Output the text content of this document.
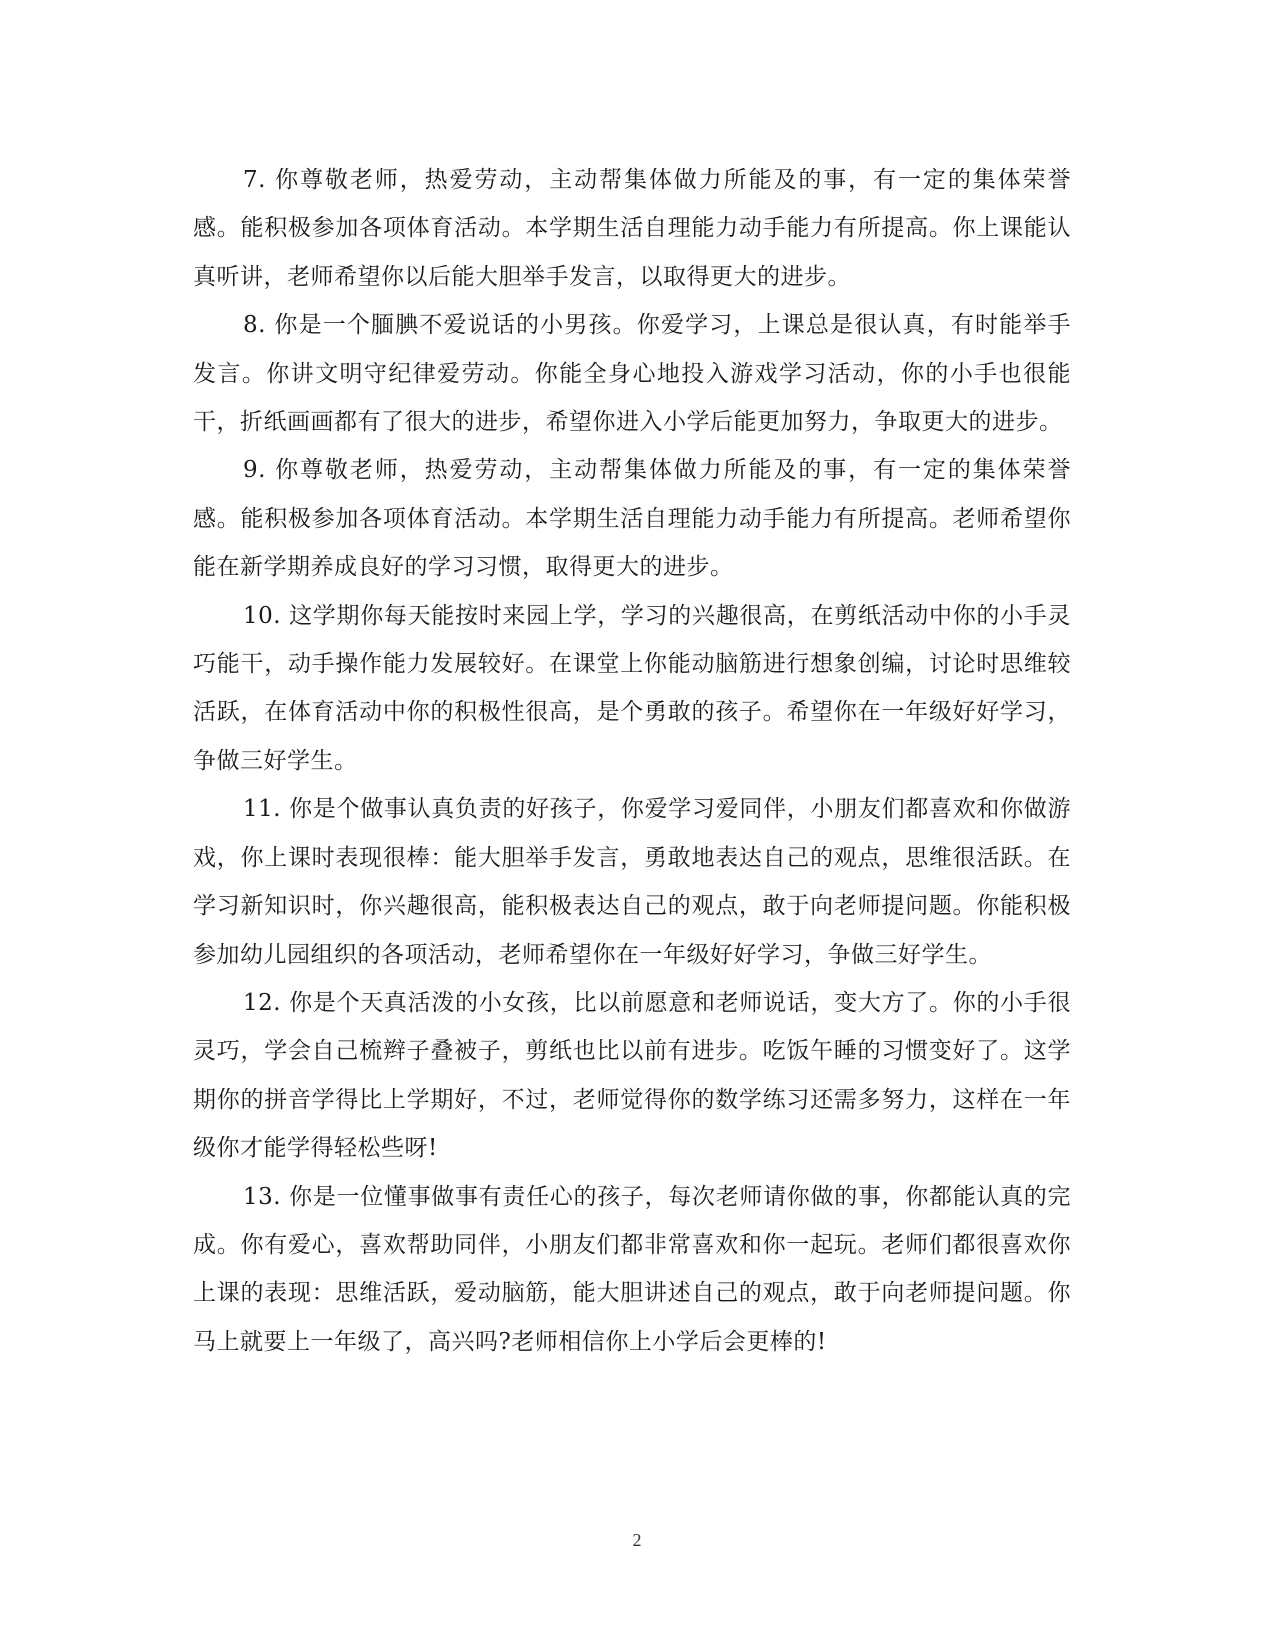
7. 你尊敬老师，热爱劳动，主动帮集体做力所能及的事，有一定的集体荣誉感。能积极参加各项体育活动。本学期生活自理能力动手能力有所提高。你上课能认真听讲，老师希望你以后能大胆举手发言，以取得更大的进步。

8. 你是一个腼腆不爱说话的小男孩。你爱学习，上课总是很认真，有时能举手发言。你讲文明守纪律爱劳动。你能全身心地投入游戏学习活动，你的小手也很能干，折纸画画都有了很大的进步，希望你进入小学后能更加努力，争取更大的进步。

9. 你尊敬老师，热爱劳动，主动帮集体做力所能及的事，有一定的集体荣誉感。能积极参加各项体育活动。本学期生活自理能力动手能力有所提高。老师希望你能在新学期养成良好的学习习惯，取得更大的进步。

10. 这学期你每天能按时来园上学，学习的兴趣很高，在剪纸活动中你的小手灵巧能干，动手操作能力发展较好。在课堂上你能动脑筋进行想象创编，讨论时思维较活跃，在体育活动中你的积极性很高，是个勇敢的孩子。希望你在一年级好好学习，争做三好学生。

11. 你是个做事认真负责的好孩子，你爱学习爱同伴，小朋友们都喜欢和你做游戏，你上课时表现很棒：能大胆举手发言，勇敢地表达自己的观点，思维很活跃。在学习新知识时，你兴趣很高，能积极表达自己的观点，敢于向老师提问题。你能积极参加幼儿园组织的各项活动，老师希望你在一年级好好学习，争做三好学生。

12. 你是个天真活泼的小女孩，比以前愿意和老师说话，变大方了。你的小手很灵巧，学会自己梳辫子叠被子，剪纸也比以前有进步。吃饭午睡的习惯变好了。这学期你的拼音学得比上学期好，不过，老师觉得你的数学练习还需多努力，这样在一年级你才能学得轻松些呀!

13. 你是一位懂事做事有责任心的孩子，每次老师请你做的事，你都能认真的完成。你有爱心，喜欢帮助同伴，小朋友们都非常喜欢和你一起玩。老师们都很喜欢你上课的表现：思维活跃，爱动脑筋，能大胆讲述自己的观点，敢于向老师提问题。你马上就要上一年级了，高兴吗?老师相信你上小学后会更棒的!

2
